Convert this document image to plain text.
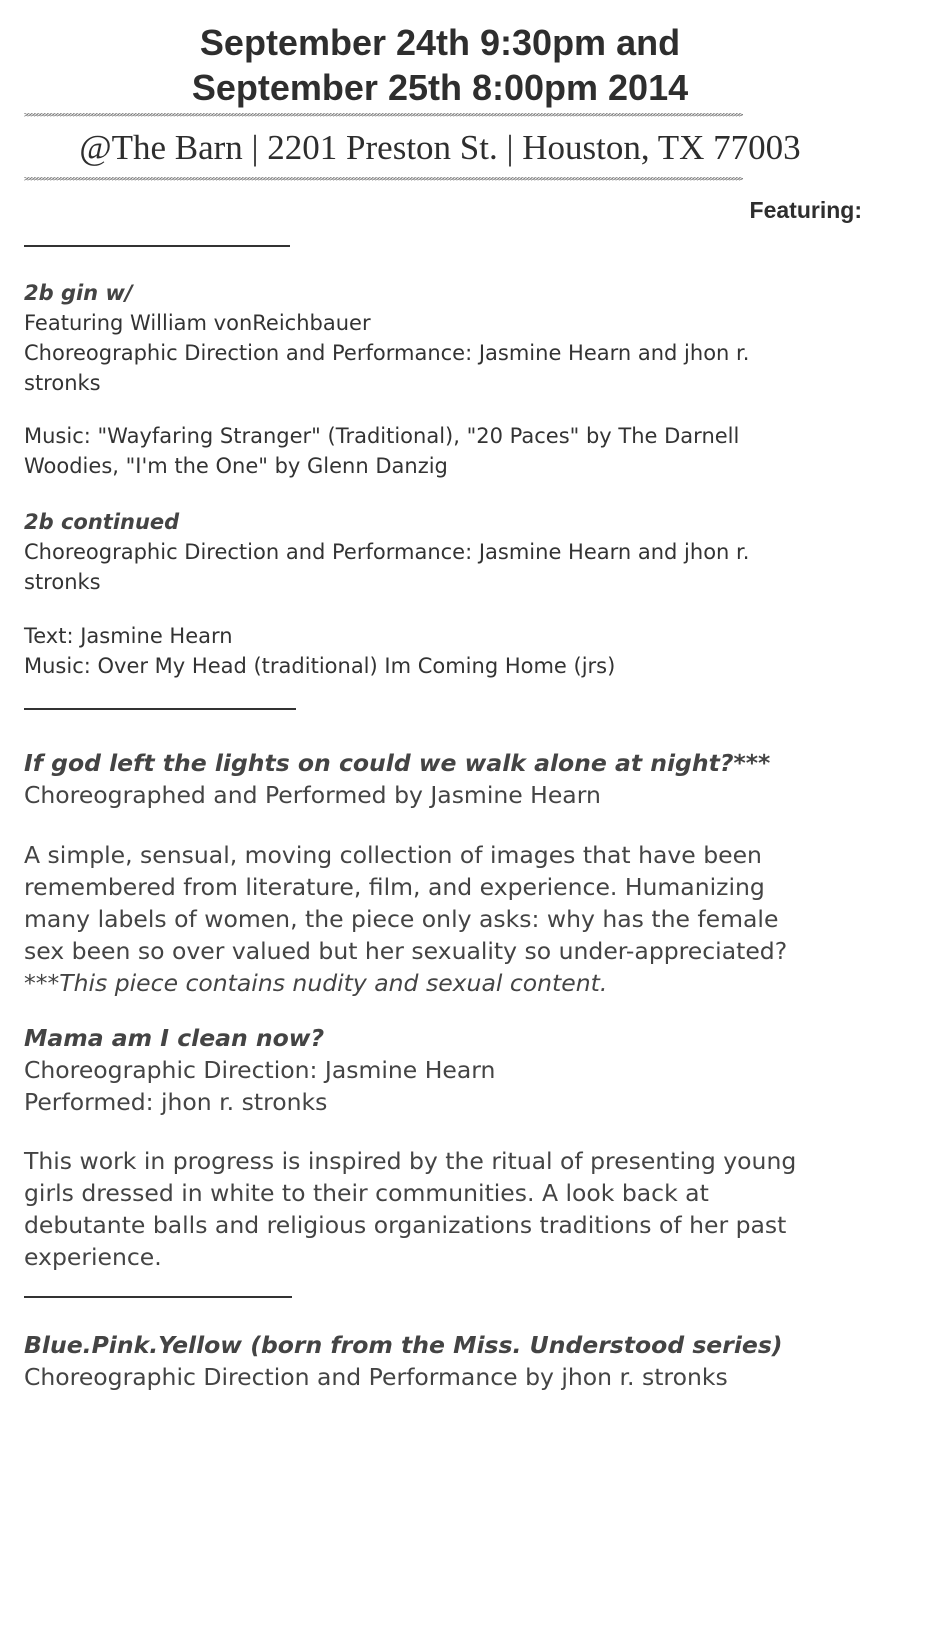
September 24th 9:30pm and
September 25th 8:00pm 2014
>>>>>>>>>>>>>>>>>>>>>>>>>>>>>>>>>>>>>>>>>>>>>>>>>>>>>>>>>>>>>>>>>>>>>>>>>>>>>>>>>>>>>>>>>>>>>>>>>>>>>>>>>>>>>>>>>>>>>>>>>>>>>>>>>>>>>>>>>>>>>>>>>>>>>>>>>>>>>>>>>>>>>>>>>>>>>>>>>>>>>>>>>>>>>>>>>>>>>>>>>>>>>>>>>>>>>>>>>>>>>
@The Barn | 2201 Preston St. | Houston, TX 77003
>>>>>>>>>>>>>>>>>>>>>>>>>>>>>>>>>>>>>>>>>>>>>>>>>>>>>>>>>>>>>>>>>>>>>>>>>>>>>>>>>>>>>>>>>>>>>>>>>>>>>>>>>>>>>>>>>>>>>>>>>>>>>>>>>>>>>>>>>>>>>>>>>>>>>>>>>>>>>>>>>>>>>>>>>>>>>>>>>>>>>>>>>>>>>>>>>>>>>>>>>>>>>>>>>>>>>>>>>>>>>
Featuring:
2b gin w/
Featuring William vonReichbauer
Choreographic Direction and Performance: Jasmine Hearn and jhon r.
stronks
Music: "Wayfaring Stranger" (Traditional), "20 Paces" by The Darnell
Woodies, "I'm the One" by Glenn Danzig
2b continued
Choreographic Direction and Performance: Jasmine Hearn and jhon r.
stronks
Text: Jasmine Hearn
Music: Over My Head (traditional) Im Coming Home (jrs)
If god left the lights on could we walk alone at night?***
Choreographed and Performed by Jasmine Hearn
A simple, sensual, moving collection of images that have been
remembered from literature, film, and experience. Humanizing
many labels of women, the piece only asks: why has the female
sex been so over valued but her sexuality so under-appreciated?
***This piece contains nudity and sexual content.
Mama am I clean now?
Choreographic Direction: Jasmine Hearn
Performed: jhon r. stronks
This work in progress is inspired by the ritual of presenting young
girls dressed in white to their communities. A look back at
debutante balls and religious organizations traditions of her past
experience.
Blue.Pink.Yellow (born from the Miss. Understood series)
Choreographic Direction and Performance by jhon r. stronks
